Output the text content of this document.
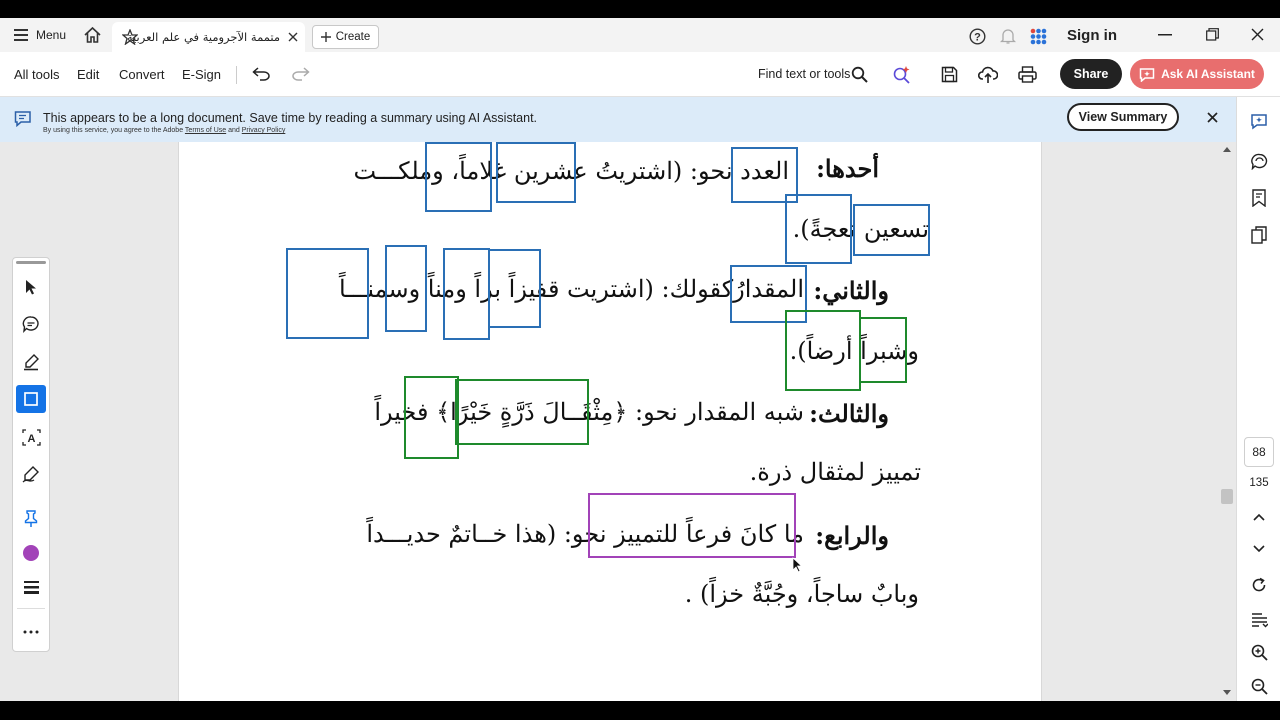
Menu	متممة الآجرومية في علم العربية	Create	?	Sign in
All tools Edit Convert E-Sign	Find text or tools	Share	Ask AI Assistant
This appears to be a long document. Save time by reading a summary using AI Assistant.
By using this service, you agree to the Adobe Terms of Use and Privacy Policy
View Summary
أحدها:
العدد نحو: (اشتريتُ عشرين غلاماً، وملكـــت
تسعين نعجةً).
والثاني:
المقدارُكقولك: (اشتريت قفيزاً براً ومناً وسمنـــاً
وشبراً أرضاً).
والثالث:
شبه المقدار نحو: ﴿مِثْقَــالَ ذَرَّةٍ خَيْرًا﴾ فخيراً
تمييز لمثقال ذرة.
والرابع:
ما كانَ فرعاً للتمييز نحو: (هذا خــاتمٌ حديـــداً
وبابٌ ساجاً، وجُبَّةٌ خزاً) .
A
88
135
